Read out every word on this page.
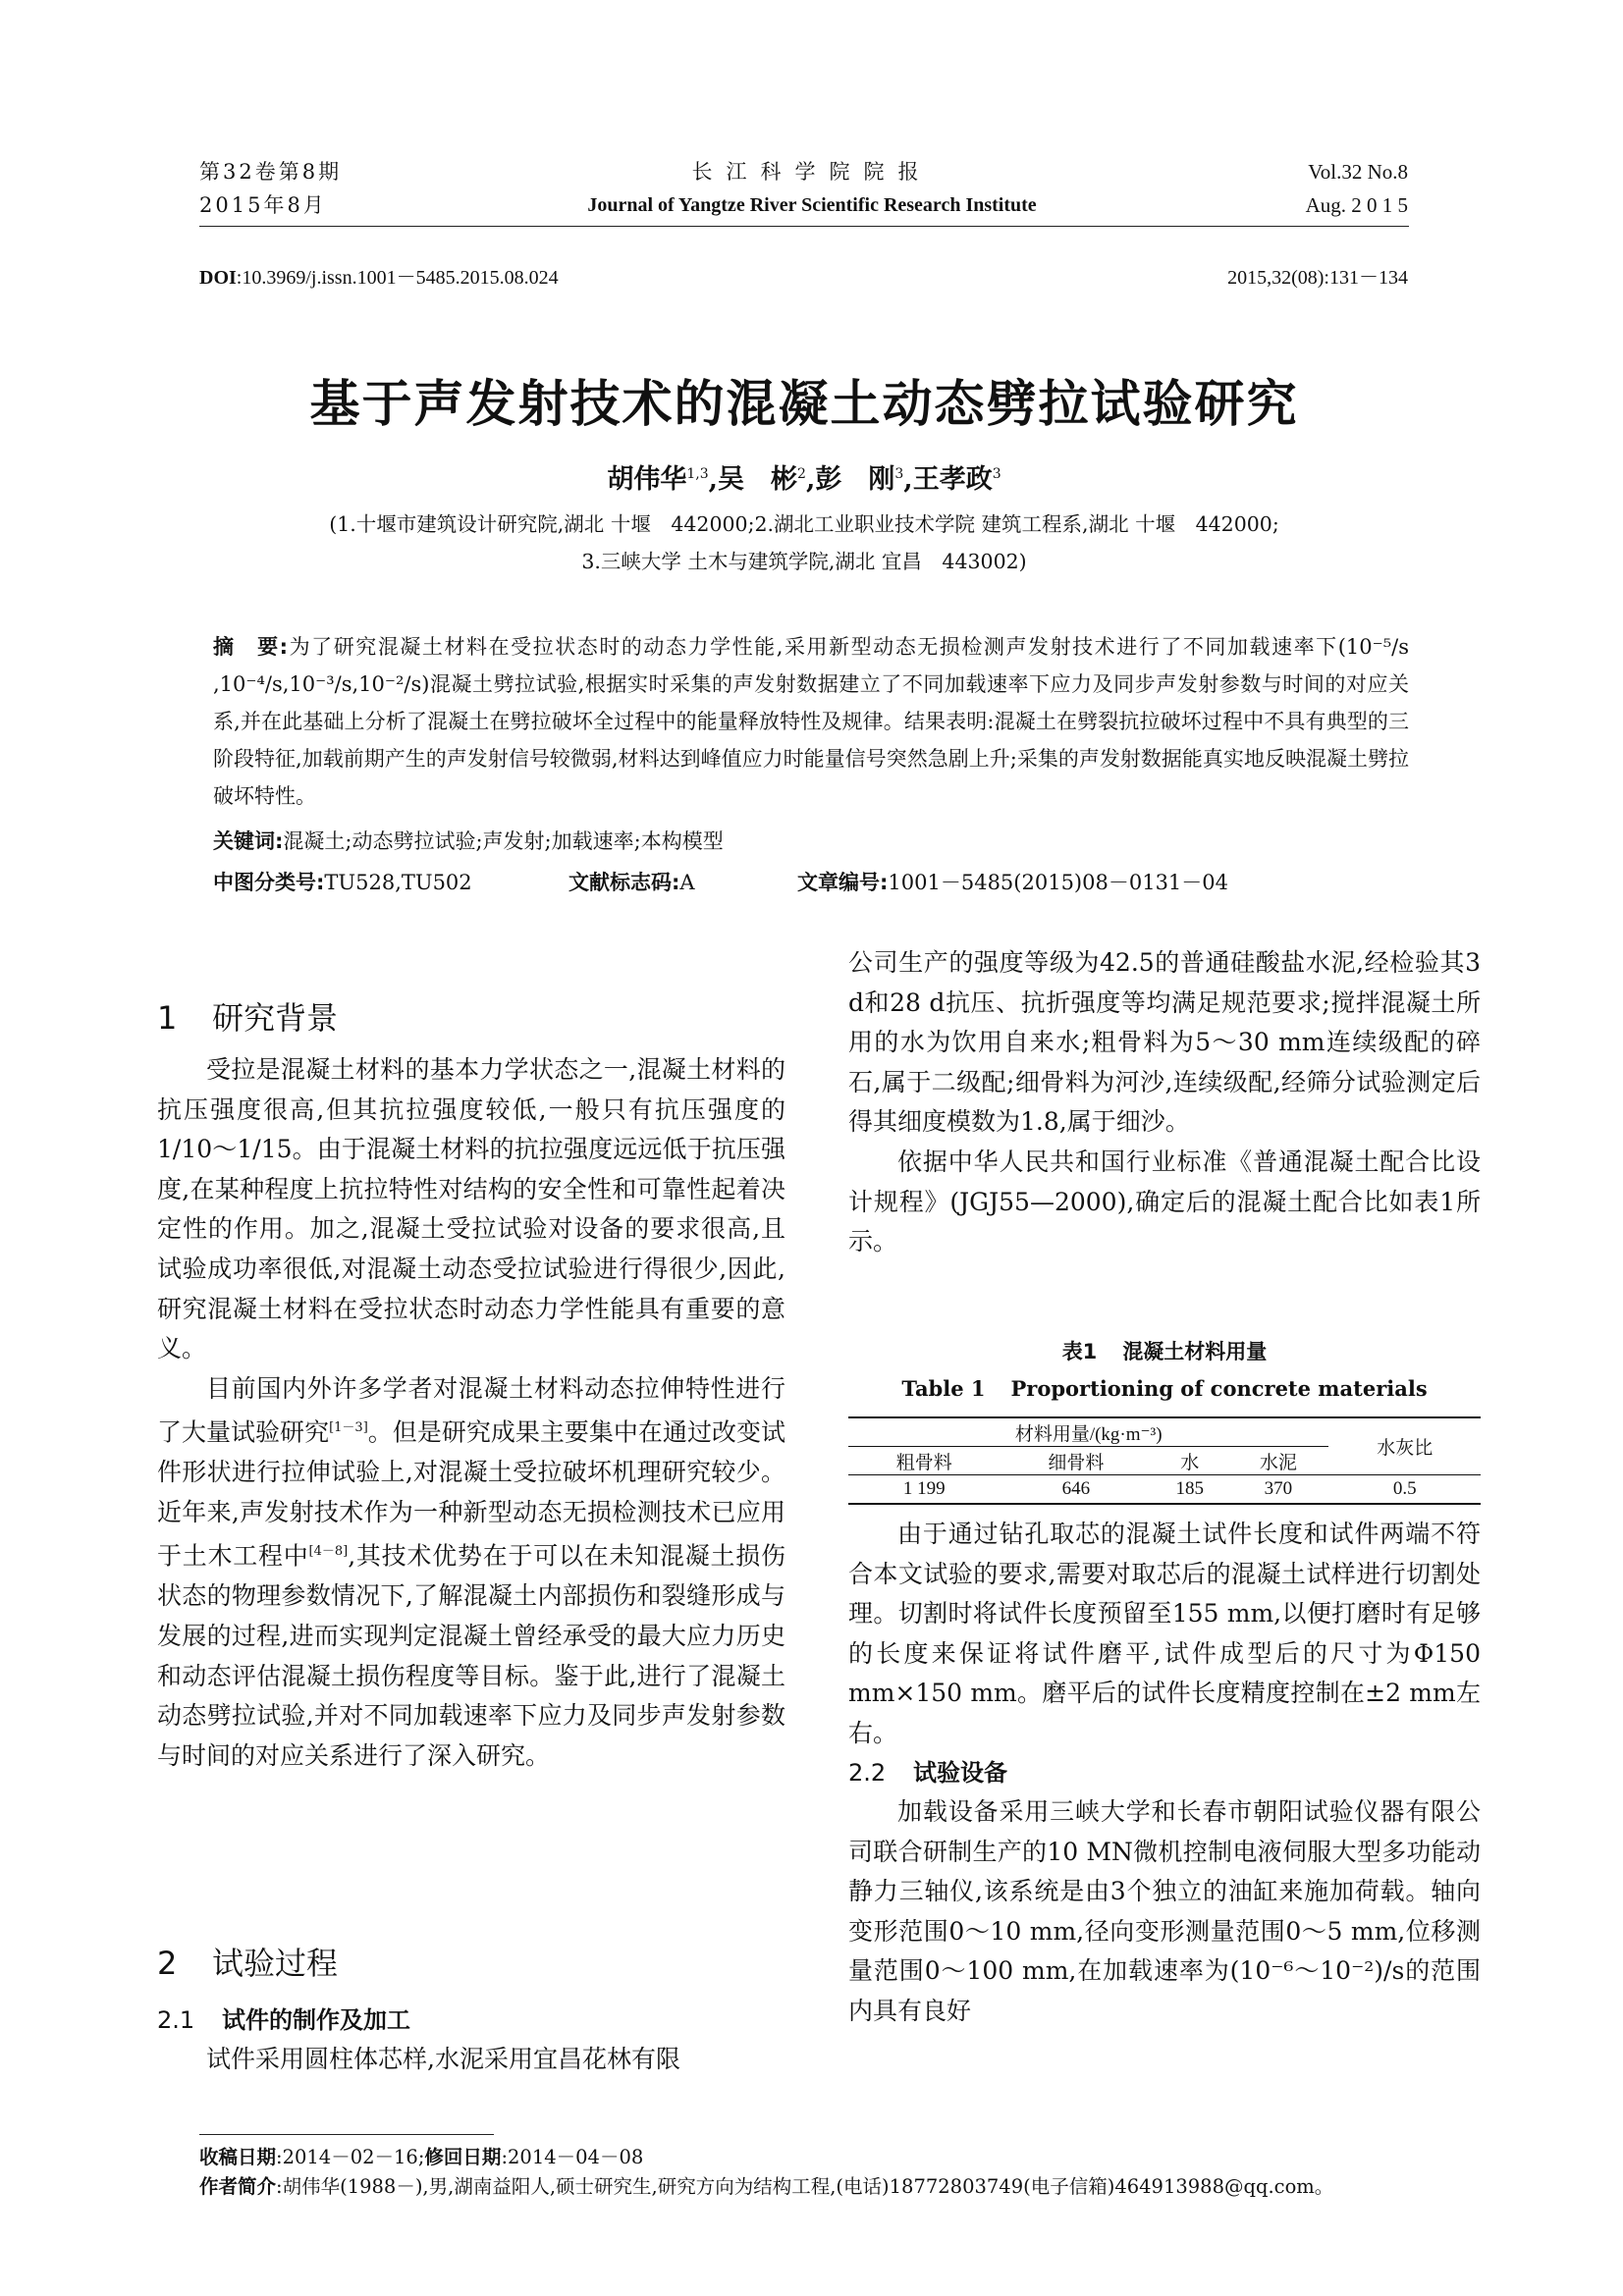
第32卷第8期
2015年8月
长江科学院院报
Journal of Yangtze River Scientific Research Institute
Vol.32 No.8
Aug. 2 0 1 5
DOI:10.3969/j.issn.1001－5485.2015.08.024	2015,32(08):131－134
基于声发射技术的混凝土动态劈拉试验研究
胡伟华$^{1,3}$,吴　彬$^2$,彭　刚$^3$,王孝政$^3$
(1.十堰市建筑设计研究院,湖北 十堰　442000;2.湖北工业职业技术学院 建筑工程系,湖北 十堰　442000;
3.三峡大学 土木与建筑学院,湖北 宜昌　443002)
摘　要:为了研究混凝土材料在受拉状态时的动态力学性能,采用新型动态无损检测声发射技术进行了不同加载速率下(10⁻⁵/s ,10⁻⁴/s,10⁻³/s,10⁻²/s)混凝土劈拉试验,根据实时采集的声发射数据建立了不同加载速率下应力及同步声发射参数与时间的对应关系,并在此基础上分析了混凝土在劈拉破坏全过程中的能量释放特性及规律。结果表明:混凝土在劈裂抗拉破坏过程中不具有典型的三阶段特征,加载前期产生的声发射信号较微弱,材料达到峰值应力时能量信号突然急剧上升;采集的声发射数据能真实地反映混凝土劈拉破坏特性。
关键词:混凝土;动态劈拉试验;声发射;加载速率;本构模型
中图分类号:TU528,TU502	文献标志码:A	文章编号:1001－5485(2015)08－0131－04
1 研究背景

受拉是混凝土材料的基本力学状态之一,混凝土材料的抗压强度很高,但其抗拉强度较低,一般只有抗压强度的1/10～1/15。由于混凝土材料的抗拉强度远远低于抗压强度,在某种程度上抗拉特性对结构的安全性和可靠性起着决定性的作用。加之,混凝土受拉试验对设备的要求很高,且试验成功率很低,对混凝土动态受拉试验进行得很少,因此,研究混凝土材料在受拉状态时动态力学性能具有重要的意义。

目前国内外许多学者对混凝土材料动态拉伸特性进行了大量试验研究[1－3]。但是研究成果主要集中在通过改变试件形状进行拉伸试验上,对混凝土受拉破坏机理研究较少。近年来,声发射技术作为一种新型动态无损检测技术已应用于土木工程中[4－8],其技术优势在于可以在未知混凝土损伤状态的物理参数情况下,了解混凝土内部损伤和裂缝形成与发展的过程,进而实现判定混凝土曾经承受的最大应力历史和动态评估混凝土损伤程度等目标。鉴于此,进行了混凝土动态劈拉试验,并对不同加载速率下应力及同步声发射参数与时间的对应关系进行了深入研究。

2 试验过程
2.1 试件的制作及加工

试件采用圆柱体芯样,水泥采用宜昌花林有限

公司生产的强度等级为42.5的普通硅酸盐水泥,经检验其3 d和28 d抗压、抗折强度等均满足规范要求;搅拌混凝土所用的水为饮用自来水;粗骨料为5～30 mm连续级配的碎石,属于二级配;细骨料为河沙,连续级配,经筛分试验测定后得其细度模数为1.8,属于细沙。

依据中华人民共和国行业标准《普通混凝土配合比设计规程》(JGJ55—2000),确定后的混凝土配合比如表1所示。

表1 混凝土材料用量
Table 1 Proportioning of concrete materials
材料用量/(kg·m⁻³)				水灰比
粗骨料	细骨料	水	水泥	
1 199	646	185	370	0.5

由于通过钻孔取芯的混凝土试件长度和试件两端不符合本文试验的要求,需要对取芯后的混凝土试样进行切割处理。切割时将试件长度预留至155 mm,以便打磨时有足够的长度来保证将试件磨平,试件成型后的尺寸为Φ150 mm×150 mm。磨平后的试件长度精度控制在±2 mm左右。

2.2 试验设备

加载设备采用三峡大学和长春市朝阳试验仪器有限公司联合研制生产的10 MN微机控制电液伺服大型多功能动静力三轴仪,该系统是由3个独立的油缸来施加荷载。轴向变形范围0～10 mm,径向变形测量范围0～5 mm,位移测量范围0～100 mm,在加载速率为(10⁻⁶～10⁻²)/s的范围内具有良好

收稿日期:2014－02－16;修回日期:2014－04－08
作者简介:胡伟华(1988－),男,湖南益阳人,硕士研究生,研究方向为结构工程,(电话)18772803749(电子信箱)464913988@qq.com。
